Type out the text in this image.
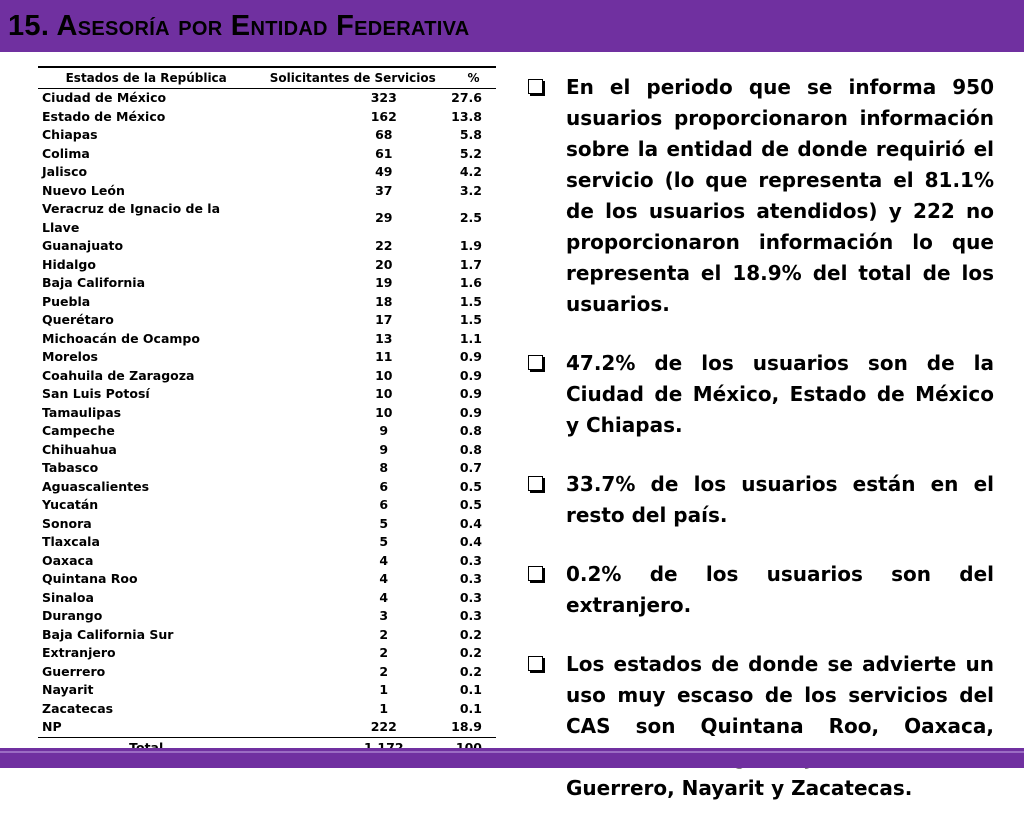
15. Asesoría por Entidad Federativa
Estados de la República	Solicitantes de Servicios	%
Ciudad de México	323	27.6
Estado de México	162	13.8
Chiapas	68	5.8
Colima	61	5.2
Jalisco	49	4.2
Nuevo León	37	3.2
Veracruz de Ignacio de la Llave	29	2.5
Guanajuato	22	1.9
Hidalgo	20	1.7
Baja California	19	1.6
Puebla	18	1.5
Querétaro	17	1.5
Michoacán de Ocampo	13	1.1
Morelos	11	0.9
Coahuila de Zaragoza	10	0.9
San Luis Potosí	10	0.9
Tamaulipas	10	0.9
Campeche	9	0.8
Chihuahua	9	0.8
Tabasco	8	0.7
Aguascalientes	6	0.5
Yucatán	6	0.5
Sonora	5	0.4
Tlaxcala	5	0.4
Oaxaca	4	0.3
Quintana Roo	4	0.3
Sinaloa	4	0.3
Durango	3	0.3
Baja California Sur	2	0.2
Extranjero	2	0.2
Guerrero	2	0.2
Nayarit	1	0.1
Zacatecas	1	0.1
NP	222	18.9

En el periodo que se informa 950 usuarios proporcionaron información sobre la entidad de donde requirió el servicio (lo que representa el 81.1% de los usuarios atendidos) y 222 no proporcionaron información lo que representa el 18.9% del total de los usuarios.

47.2% de los usuarios son de la Ciudad de México, Estado de México y Chiapas.

33.7% de los usuarios están en el resto del país.

0.2% de los usuarios son del extranjero.

Los estados de donde se advierte un uso muy escaso de los servicios del CAS son Quintana Roo, Oaxaca, Guerrero, Nayarit y Zacatecas.
